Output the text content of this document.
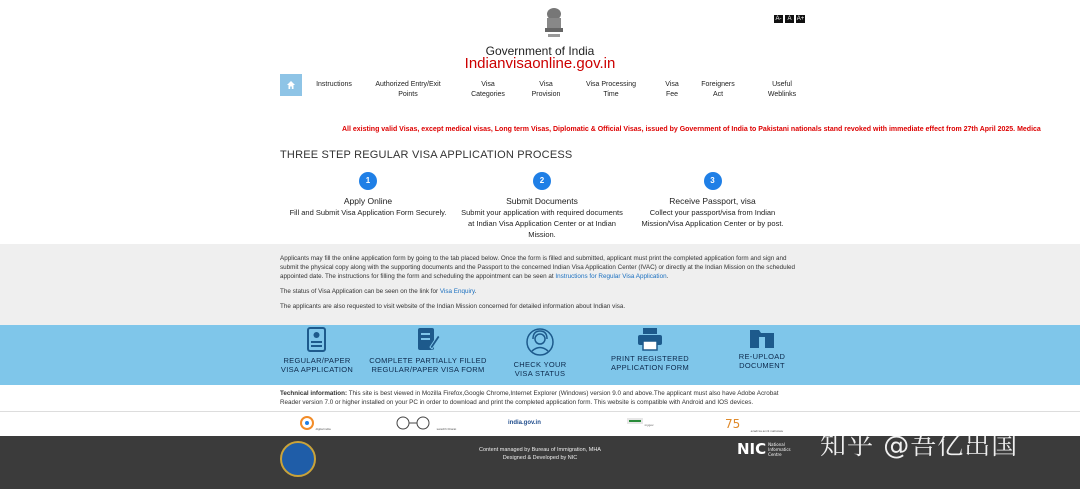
Government of India
Indianvisaonline.gov.in
A- A A+
Instructions	Authorized Entry/Exit Points
Visa Categories
Visa Provision
Visa Processing Time
Visa Fee
Foreigners Act
Useful Weblinks
All existing valid Visas, except medical visas, Long term Visas, Diplomatic & Official Visas, issued by Government of India to Pakistani nationals stand revoked with immediate effect from 27th April 2025. Medica
THREE STEP REGULAR VISA APPLICATION PROCESS
1
Apply Online
Fill and Submit Visa Application Form Securely.
2
Submit Documents
Submit your application with required documents at Indian Visa Application Center or at Indian Mission.
3
Receive Passport, visa
Collect your passport/visa from Indian Mission/Visa Application Center or by post.

Applicants may fill the online application form by going to the tab placed below. Once the form is filled and submitted, applicant must print the completed application form and sign and submit the physical copy along with the supporting documents and the Passport to the concerned Indian Visa Application Center (IVAC) or directly at the Indian Mission on the scheduled appointed date. The instructions for filling the form and scheduling the appointment can be seen at Instructions for Regular Visa Application.

The status of Visa Application can be seen on the link for Visa Enquiry.

The applicants are also requested to visit website of the Indian Mission concerned for detailed information about Indian visa.

REGULAR/PAPER VISA APPLICATION
COMPLETE PARTIALLY FILLED REGULAR/PAPER VISA FORM
CHECK YOUR VISA STATUS
PRINT REGISTERED APPLICATION FORM
RE-UPLOAD DOCUMENT
Technical information: This site is best viewed in Mozilla Firefox,Google Chrome,Internet Explorer (Windows) version 9.0 and above.The applicant must also have Adobe Acrobat Reader version 7.0 or higher installed on your PC in order to download and print the completed application form. This website is compatible with Android and IOS devices.
digital india	swachh bharat
india.gov.in	mygov	75	azadi ka amrit mahotsav
Content managed by Bureau of Immigration, MHA
Designed & Developed by NIC	NIC National Informatics Centre	知乎 @吾亿出国
